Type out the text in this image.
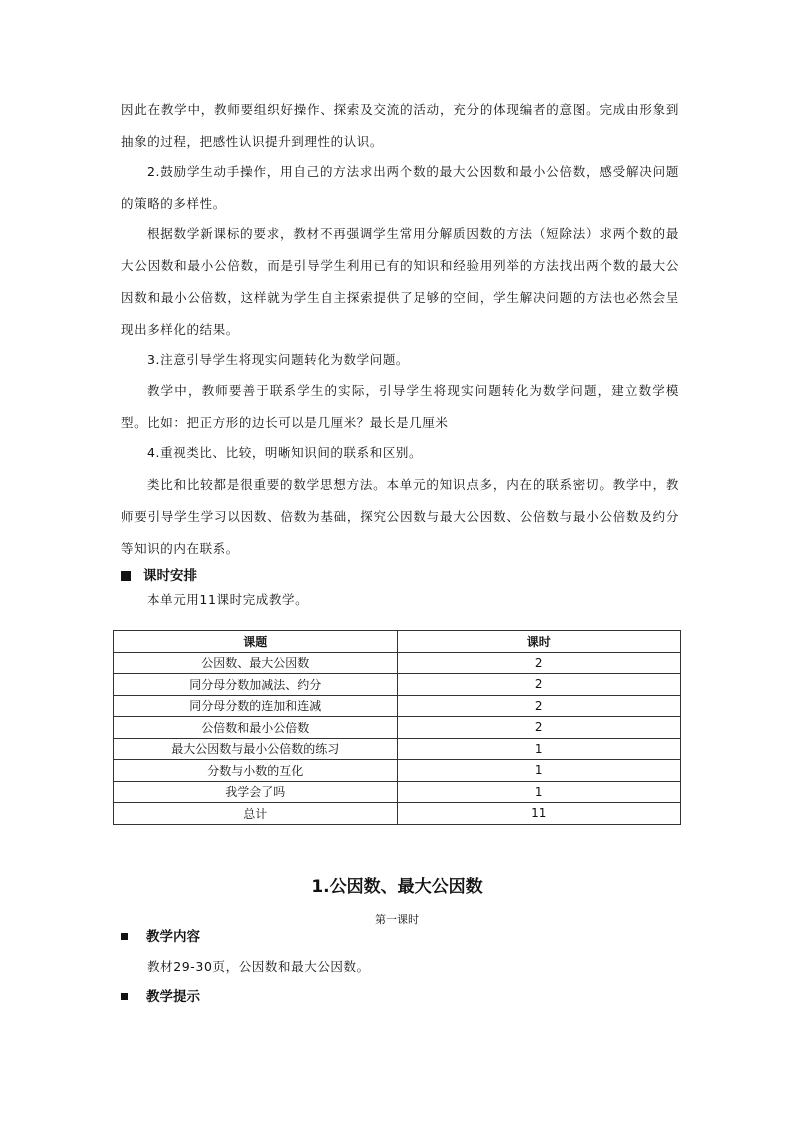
因此在教学中，教师要组织好操作、探索及交流的活动，充分的体现编者的意图。完成由形象到抽象的过程，把感性认识提升到理性的认识。
2.鼓励学生动手操作，用自己的方法求出两个数的最大公因数和最小公倍数，感受解决问题的策略的多样性。
根据数学新课标的要求，教材不再强调学生常用分解质因数的方法（短除法）求两个数的最大公因数和最小公倍数，而是引导学生利用已有的知识和经验用列举的方法找出两个数的最大公因数和最小公倍数，这样就为学生自主探索提供了足够的空间，学生解决问题的方法也必然会呈现出多样化的结果。
3.注意引导学生将现实问题转化为数学问题。
教学中，教师要善于联系学生的实际，引导学生将现实问题转化为数学问题，建立数学模型。比如：把正方形的边长可以是几厘米？最长是几厘米
4.重视类比、比较，明晰知识间的联系和区别。
类比和比较都是很重要的数学思想方法。本单元的知识点多，内在的联系密切。教学中，教师要引导学生学习以因数、倍数为基础，探究公因数与最大公因数、公倍数与最小公倍数及约分等知识的内在联系。
课时安排
本单元用11课时完成教学。
课题	课时
公因数、最大公因数	2
同分母分数加减法、约分	2
同分母分数的连加和连减	2
公倍数和最小公倍数	2
最大公因数与最小公倍数的练习	1
分数与小数的互化	1
我学会了吗	1
总计	11
1.公因数、最大公因数
第一课时
教学内容
教材29-30页，公因数和最大公因数。
教学提示
